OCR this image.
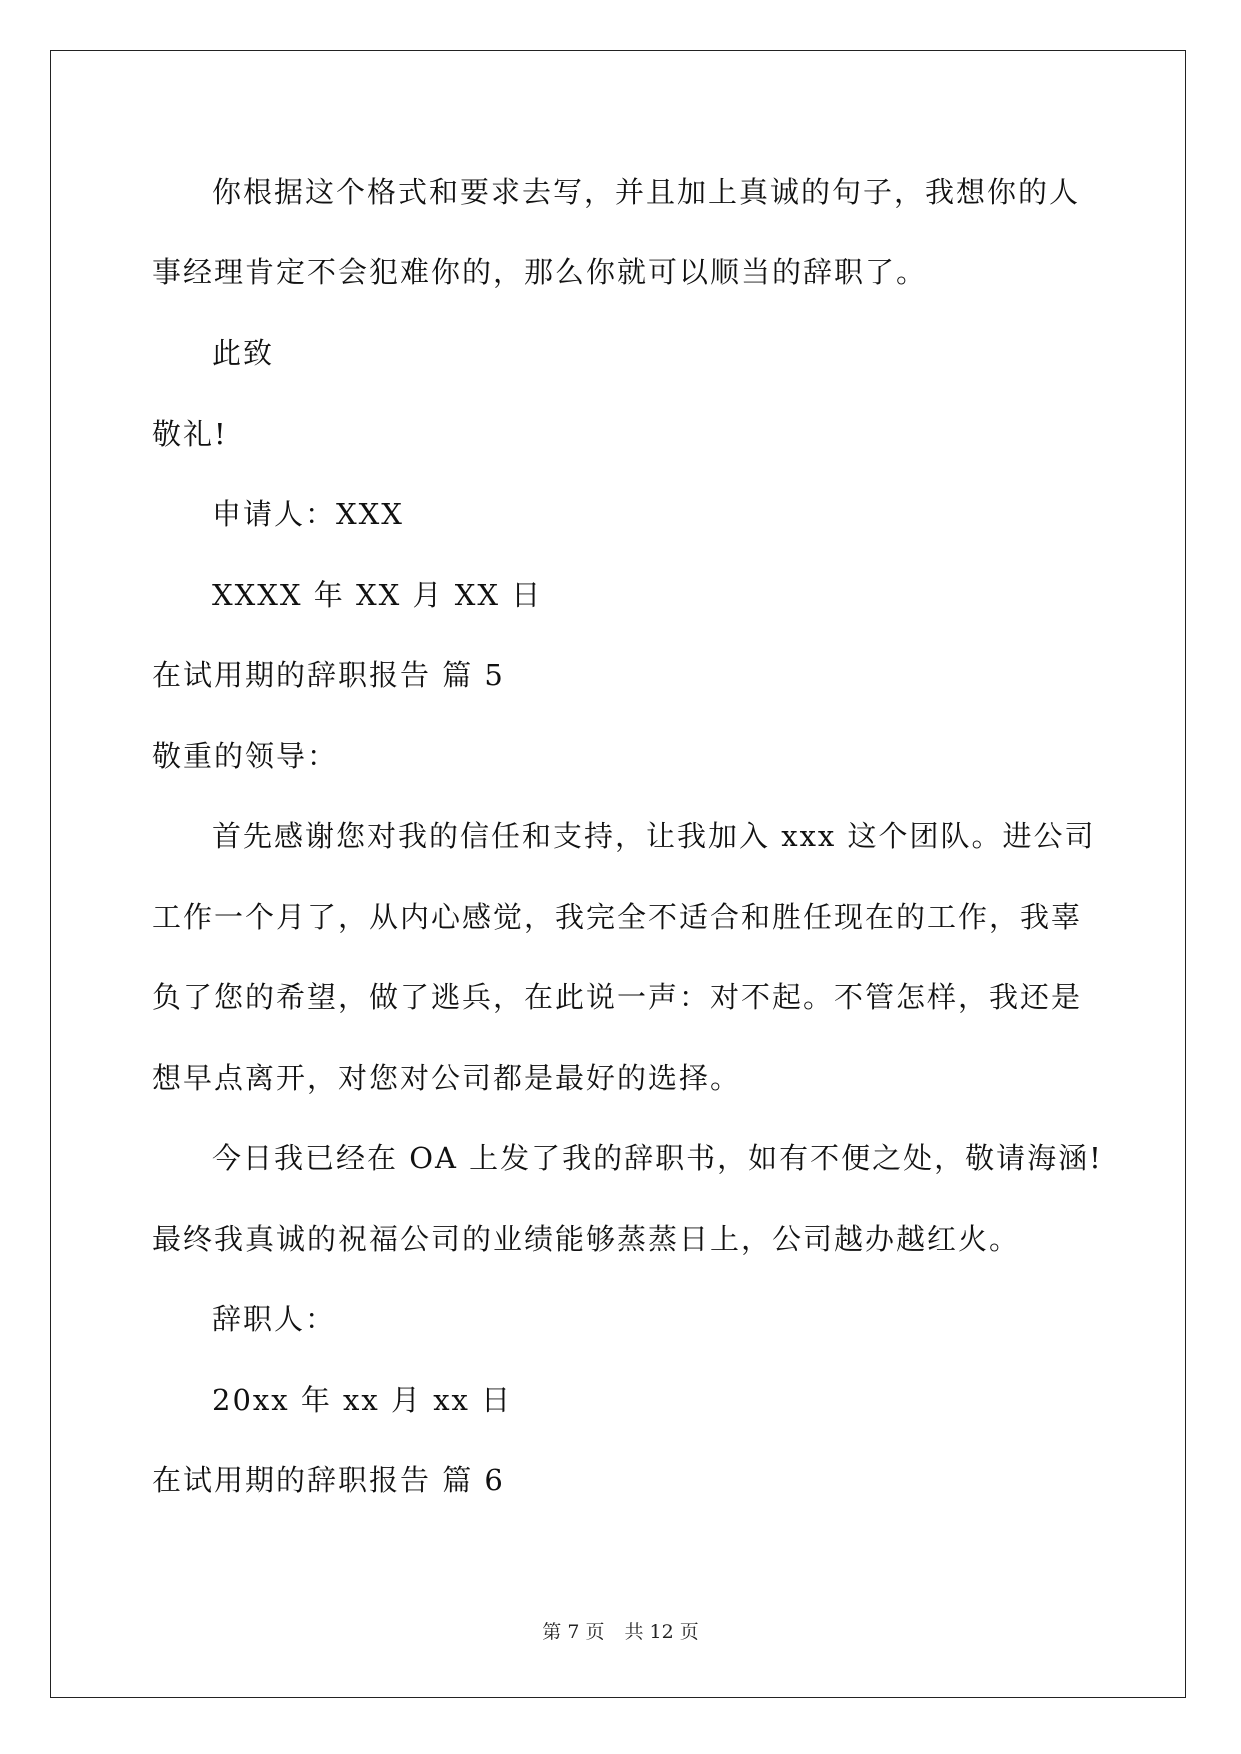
你根据这个格式和要求去写，并且加上真诚的句子，我想你的人
事经理肯定不会犯难你的，那么你就可以顺当的辞职了。
此致
敬礼!
申请人：XXX
XXXX 年 XX 月 XX 日
在试用期的辞职报告 篇 5
敬重的领导：
首先感谢您对我的信任和支持，让我加入 xxx 这个团队。进公司
工作一个月了，从内心感觉，我完全不适合和胜任现在的工作，我辜
负了您的希望，做了逃兵，在此说一声：对不起。不管怎样，我还是
想早点离开，对您对公司都是最好的选择。
今日我已经在 OA 上发了我的辞职书，如有不便之处，敬请海涵!
最终我真诚的祝福公司的业绩能够蒸蒸日上，公司越办越红火。
辞职人：
20xx 年 xx 月 xx 日
在试用期的辞职报告 篇 6
第 7 页 共 12 页
